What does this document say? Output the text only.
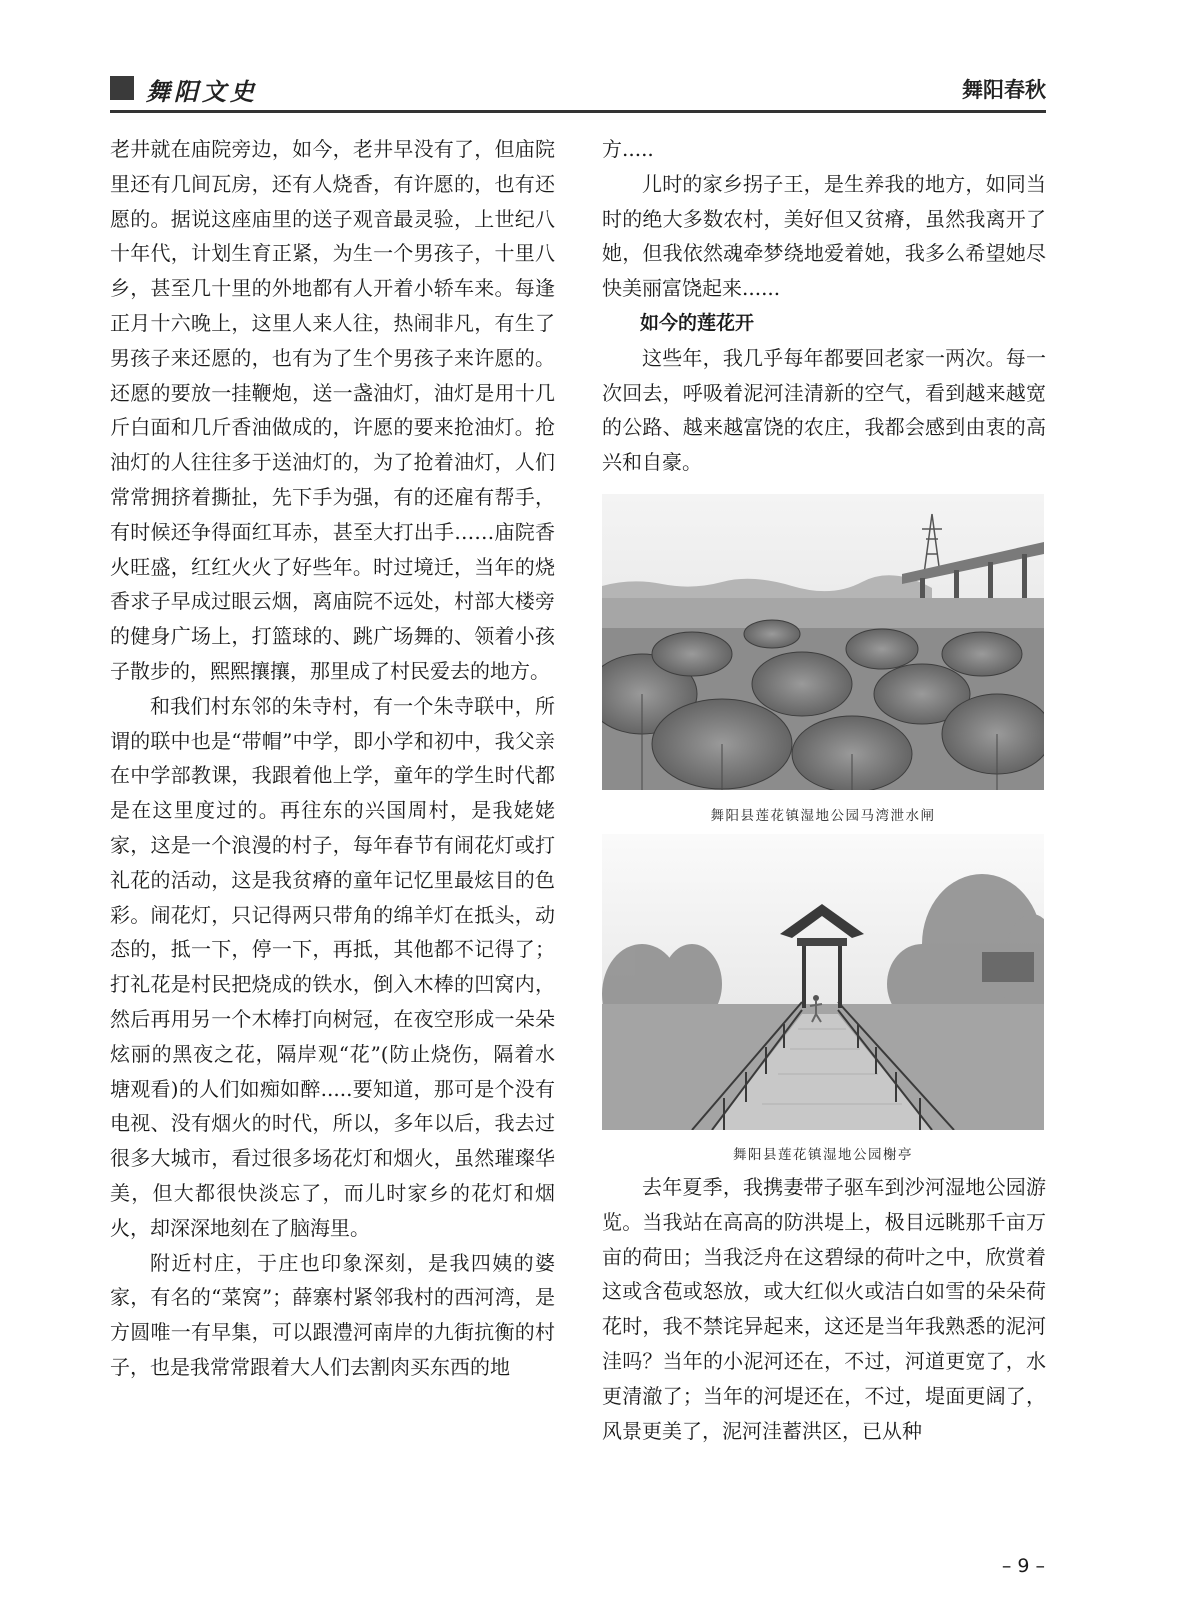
舞阳文史	舞阳春秋

老井就在庙院旁边，如今，老井早没有了，但庙院里还有几间瓦房，还有人烧香，有许愿的，也有还愿的。据说这座庙里的送子观音最灵验，上世纪八十年代，计划生育正紧，为生一个男孩子，十里八乡，甚至几十里的外地都有人开着小轿车来。每逢正月十六晚上，这里人来人往，热闹非凡，有生了男孩子来还愿的，也有为了生个男孩子来许愿的。还愿的要放一挂鞭炮，送一盏油灯，油灯是用十几斤白面和几斤香油做成的，许愿的要来抢油灯。抢油灯的人往往多于送油灯的，为了抢着油灯，人们常常拥挤着撕扯，先下手为强，有的还雇有帮手，有时候还争得面红耳赤，甚至大打出手……庙院香火旺盛，红红火火了好些年。时过境迁，当年的烧香求子早成过眼云烟，离庙院不远处，村部大楼旁的健身广场上，打篮球的、跳广场舞的、领着小孩子散步的，熙熙攘攘，那里成了村民爱去的地方。

和我们村东邻的朱寺村，有一个朱寺联中，所谓的联中也是“带帽”中学，即小学和初中，我父亲在中学部教课，我跟着他上学，童年的学生时代都是在这里度过的。再往东的兴国周村，是我姥姥家，这是一个浪漫的村子，每年春节有闹花灯或打礼花的活动，这是我贫瘠的童年记忆里最炫目的色彩。闹花灯，只记得两只带角的绵羊灯在抵头，动态的，抵一下，停一下，再抵，其他都不记得了；打礼花是村民把烧成的铁水，倒入木棒的凹窝内，然后再用另一个木棒打向树冠，在夜空形成一朵朵炫丽的黑夜之花，隔岸观“花”(防止烧伤，隔着水塘观看)的人们如痴如醉.....要知道，那可是个没有电视、没有烟火的时代，所以，多年以后，我去过很多大城市，看过很多场花灯和烟火，虽然璀璨华美，但大都很快淡忘了，而儿时家乡的花灯和烟火，却深深地刻在了脑海里。

附近村庄，于庄也印象深刻，是我四姨的婆家，有名的“菜窝”；薛寨村紧邻我村的西河湾，是方圆唯一有早集，可以跟澧河南岸的九街抗衡的村子，也是我常常跟着大人们去割肉买东西的地

方.....

儿时的家乡拐子王，是生养我的地方，如同当时的绝大多数农村，美好但又贫瘠，虽然我离开了她，但我依然魂牵梦绕地爱着她，我多么希望她尽快美丽富饶起来......

如今的莲花开

这些年，我几乎每年都要回老家一两次。每一次回去，呼吸着泥河洼清新的空气，看到越来越宽的公路、越来越富饶的农庄，我都会感到由衷的高兴和自豪。

舞阳县莲花镇湿地公园马湾泄水闸
舞阳县莲花镇湿地公园榭亭

去年夏季，我携妻带子驱车到沙河湿地公园游览。当我站在高高的防洪堤上，极目远眺那千亩万亩的荷田；当我泛舟在这碧绿的荷叶之中，欣赏着这或含苞或怒放，或大红似火或洁白如雪的朵朵荷花时，我不禁诧异起来，这还是当年我熟悉的泥河洼吗？当年的小泥河还在，不过，河道更宽了，水更清澈了；当年的河堤还在，不过，堤面更阔了，风景更美了，泥河洼蓄洪区，已从种

– 9 –
